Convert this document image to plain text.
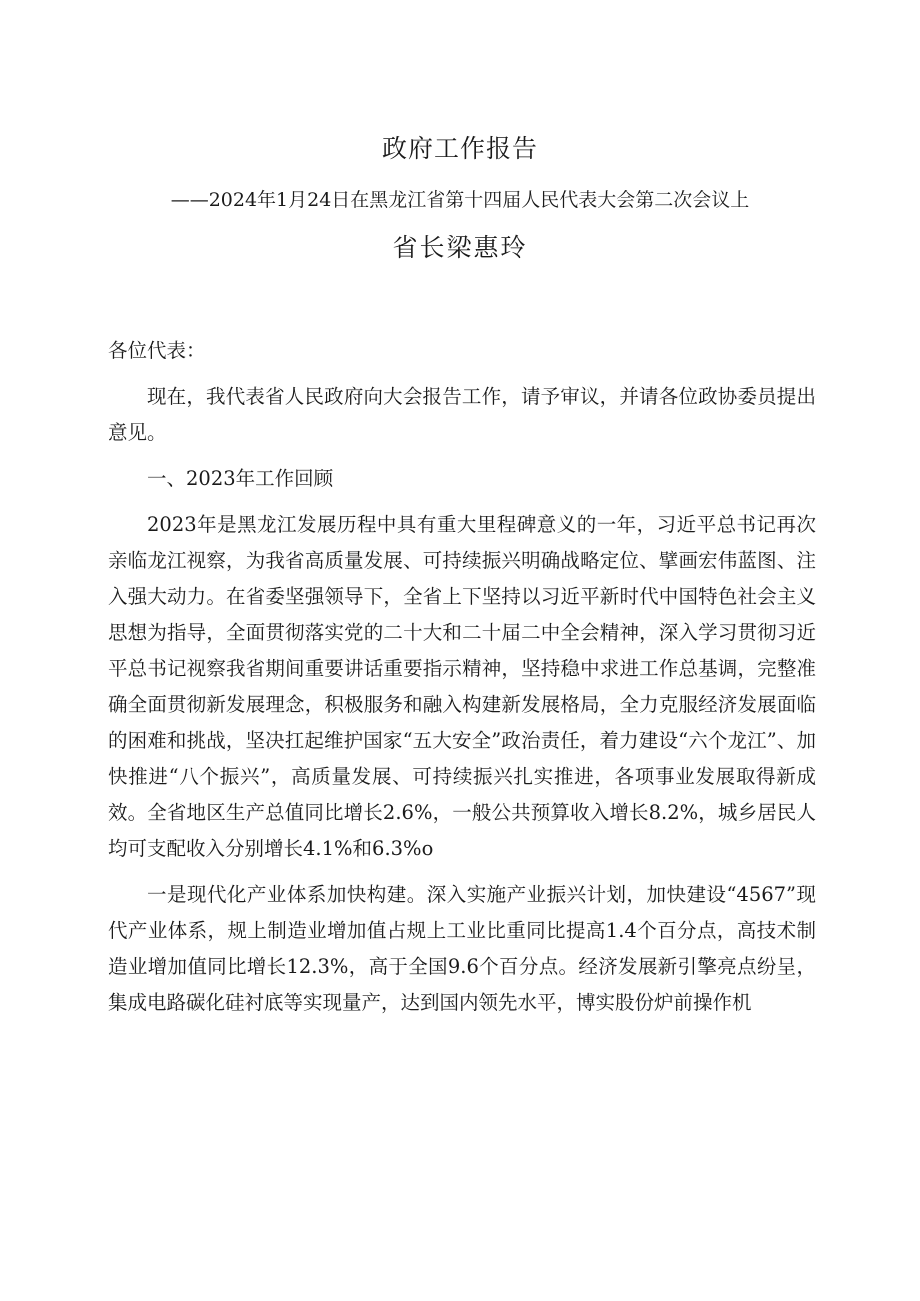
政府工作报告
——2024年1月24日在黑龙江省第十四届人民代表大会第二次会议上
省长梁惠玲

各位代表：

现在，我代表省人民政府向大会报告工作，请予审议，并请各位政协委员提出意见。

一、2023年工作回顾

2023年是黑龙江发展历程中具有重大里程碑意义的一年，习近平总书记再次亲临龙江视察，为我省高质量发展、可持续振兴明确战略定位、擘画宏伟蓝图、注入强大动力。在省委坚强领导下，全省上下坚持以习近平新时代中国特色社会主义思想为指导，全面贯彻落实党的二十大和二十届二中全会精神，深入学习贯彻习近平总书记视察我省期间重要讲话重要指示精神，坚持稳中求进工作总基调，完整准确全面贯彻新发展理念，积极服务和融入构建新发展格局，全力克服经济发展面临的困难和挑战，坚决扛起维护国家“五大安全”政治责任，着力建设“六个龙江”、加快推进“八个振兴”，高质量发展、可持续振兴扎实推进，各项事业发展取得新成效。全省地区生产总值同比增长2.6%，一般公共预算收入增长8.2%，城乡居民人均可支配收入分别增长4.1%和6.3%o

一是现代化产业体系加快构建。深入实施产业振兴计划，加快建设“4567”现代产业体系，规上制造业增加值占规上工业比重同比提高1.4个百分点，高技术制造业增加值同比增长12.3%，高于全国9.6个百分点。经济发展新引擎亮点纷呈，集成电路碳化硅衬底等实现量产，达到国内领先水平，博实股份炉前操作机
